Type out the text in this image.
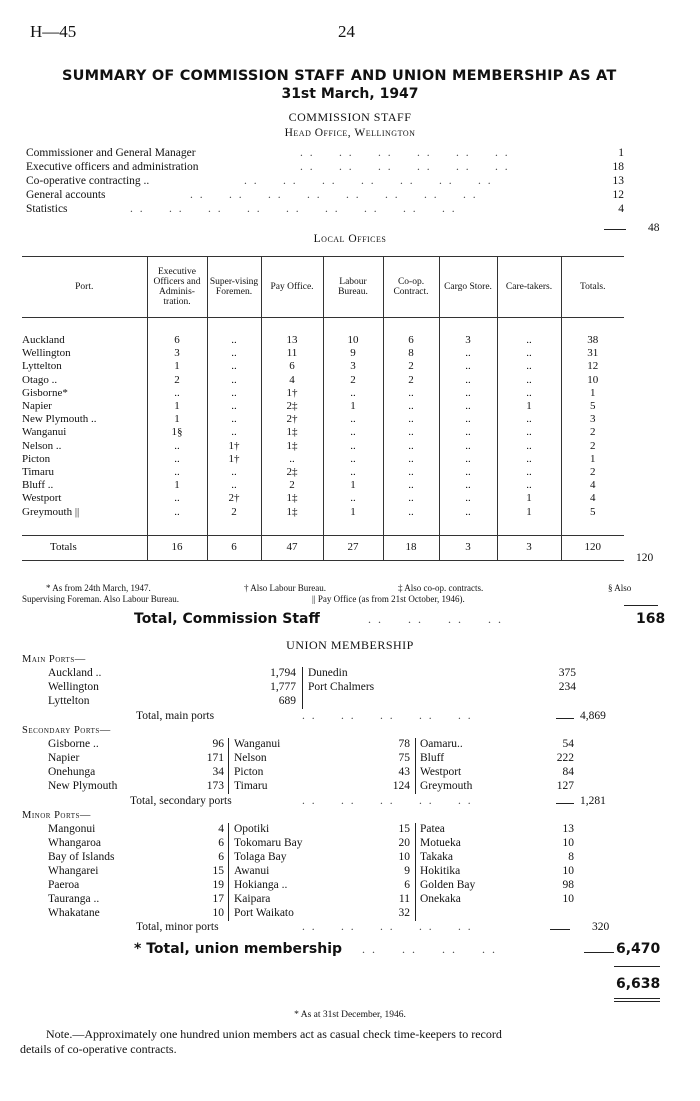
H—45	24
SUMMARY OF COMMISSION STAFF AND UNION MEMBERSHIP AS AT
31st March, 1947
COMMISSION STAFF
Head Office, Wellington
Commissioner and General Manager	. .     . .     . .     . .     . .     . .	1
Executive officers and administration	. .     . .     . .     . .     . .     . .	18
Co-operative contracting ..	. .     . .     . .     . .     . .     . .     . .	13
General accounts	. .     . .     . .     . .     . .     . .     . .     . .	12
Statistics	. .     . .     . .     . .     . .     . .     . .     . .     . .	4
48
Local Offices
Port.	Executive Officers and Adminis-tration.	Super-vising Foremen.	Pay Office.	Labour Bureau.	Co-op. Contract.	Cargo Store.	Care-takers.	Totals.

Auckland	6	..	13	10	6	3	..	38
Wellington	3	..	11	9	8	..	..	31
Lyttelton	1	..	6	3	2	..	..	12
Otago ..	2	..	4	2	2	..	..	10
Gisborne*	..	..	1†	..	..	..	..	1
Napier	1	..	2‡	1	..	..	1	5
New Plymouth ..	1	..	2†	..	..	..	..	3
Wanganui	1§	..	1‡	..	..	..	..	2
Nelson ..	..	1†	1‡	..	..	..	..	2
Picton	..	1†	..	..	..	..	..	1
Timaru	..	..	2‡	..	..	..	..	2
Bluff ..	1	..	2	1	..	..	..	4
Westport	..	2†	1‡	..	..	..	1	4
Greymouth ||	..	2	1‡	1	..	..	1	5

Totals	16	6	47	27	18	3	3	120
120
* As from 24th March, 1947.	† Also Labour Bureau.	‡ Also co-op. contracts.	§ Also
Supervising Foreman. Also Labour Bureau.	|| Pay Office (as from 21st October, 1946).
Total, Commission Staff	. .     . .     . .     . .	168
UNION MEMBERSHIP
Main Ports—
Auckland ..	1,794
Wellington	1,777
Lyttelton	689
Dunedin	375
Port Chalmers	234
Total, main ports	. .     . .     . .     . .     . .	4,869
Secondary Ports—
Gisborne ..	96 Wanganui	78 Oamaru..	54
Napier	171 Nelson	75 Bluff	222
Onehunga	34 Picton	43 Westport	84
New Plymouth	173 Timaru	124 Greymouth	127
Total, secondary ports	. .     . .     . .     . .     . .	1,281
Minor Ports—
Mangonui	4 Opotiki	15 Patea	13
Whangaroa	6 Tokomaru Bay	20 Motueka	10
Bay of Islands	6 Tolaga Bay	10 Takaka	8
Whangarei	15 Awanui	9 Hokitika	10
Paeroa	19 Hokianga ..	6 Golden Bay	98
Tauranga ..	17 Kaipara	11 Onekaka	10
Whakatane	10 Port Waikato	32
Total, minor ports	. .     . .     . .     . .     . .	320
* Total, union membership . .     . .     . .     . .	6,470
6,638
* As at 31st December, 1946.
Note.—Approximately one hundred union members act as casual check time-keepers to record
details of co-operative contracts.
